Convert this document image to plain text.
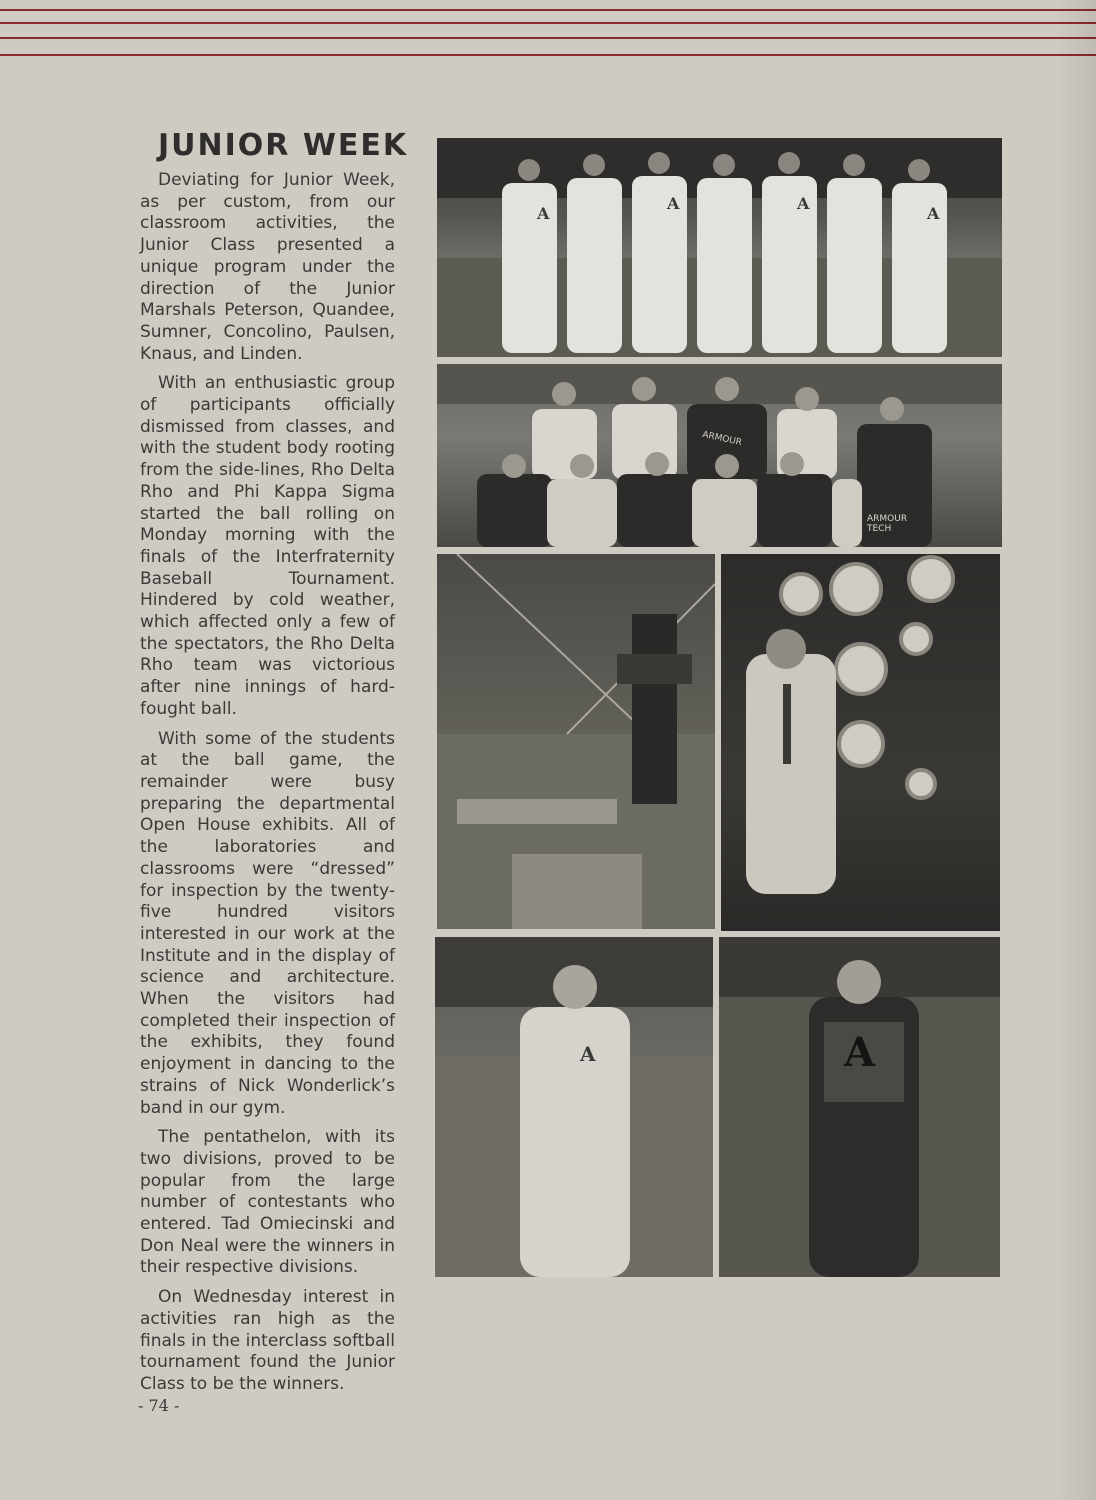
JUNIOR WEEK

Deviating for Junior Week, as per custom, from our classroom activities, the Junior Class presented a unique program under the direction of the Junior Marshals Peterson, Quandee, Sumner, Concolino, Paulsen, Knaus, and Linden.

With an enthusiastic group of participants officially dismissed from classes, and with the student body rooting from the side-lines, Rho Delta Rho and Phi Kappa Sigma started the ball rolling on Monday morning with the finals of the Interfraternity Baseball Tournament. Hindered by cold weather, which affected only a few of the spectators, the Rho Delta Rho team was victorious after nine innings of hard-fought ball.

With some of the students at the ball game, the remainder were busy preparing the departmental Open House exhibits. All of the laboratories and classrooms were “dressed” for inspection by the twenty-five hundred visitors interested in our work at the Institute and in the display of science and architecture. When the visitors had completed their inspection of the exhibits, they found enjoyment in dancing to the strains of Nick Wonderlick’s band in our gym.

The pentathelon, with its two divisions, proved to be popular from the large number of contestants who entered. Tad Omiecinski and Don Neal were the winners in their respective divisions.

On Wednesday interest in activities ran high as the finals in the interclass softball tournament found the Junior Class to be the winners.

A
A	A
A
ARMOUR
ARMOUR TECH
A	A
- 74 -
